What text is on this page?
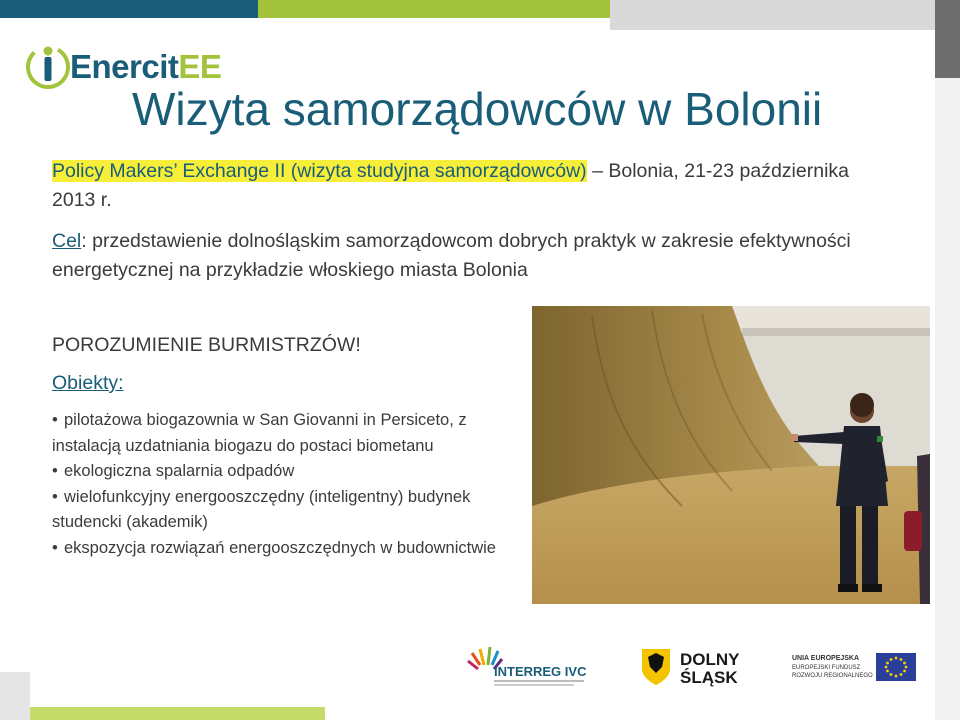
EnercitEE
Wizyta samorządowców w Bolonii
Policy Makers’ Exchange II (wizyta studyjna samorządowców) – Bolonia, 21-23 października 2013 r.
Cel: przedstawienie dolnośląskim samorządowcom dobrych praktyk w zakresie efektywności energetycznej na przykładzie włoskiego miasta Bolonia
POROZUMIENIE BURMISTRZÓW!
Obiekty:
• pilotażowa biogazownia w San Giovanni in Persiceto, z instalacją uzdatniania biogazu do postaci biometanu
• ekologiczna spalarnia odpadów
• wielofunkcyjny energooszczędny (inteligentny) budynek studencki (akademik)
• ekspozycja rozwiązań energooszczędnych w budownictwie
INTERREG IVC
DOLNY
ŚLĄSK
UNIA EUROPEJSKA
EUROPEJSKI FUNDUSZ
ROZWOJU REGIONALNEGO
